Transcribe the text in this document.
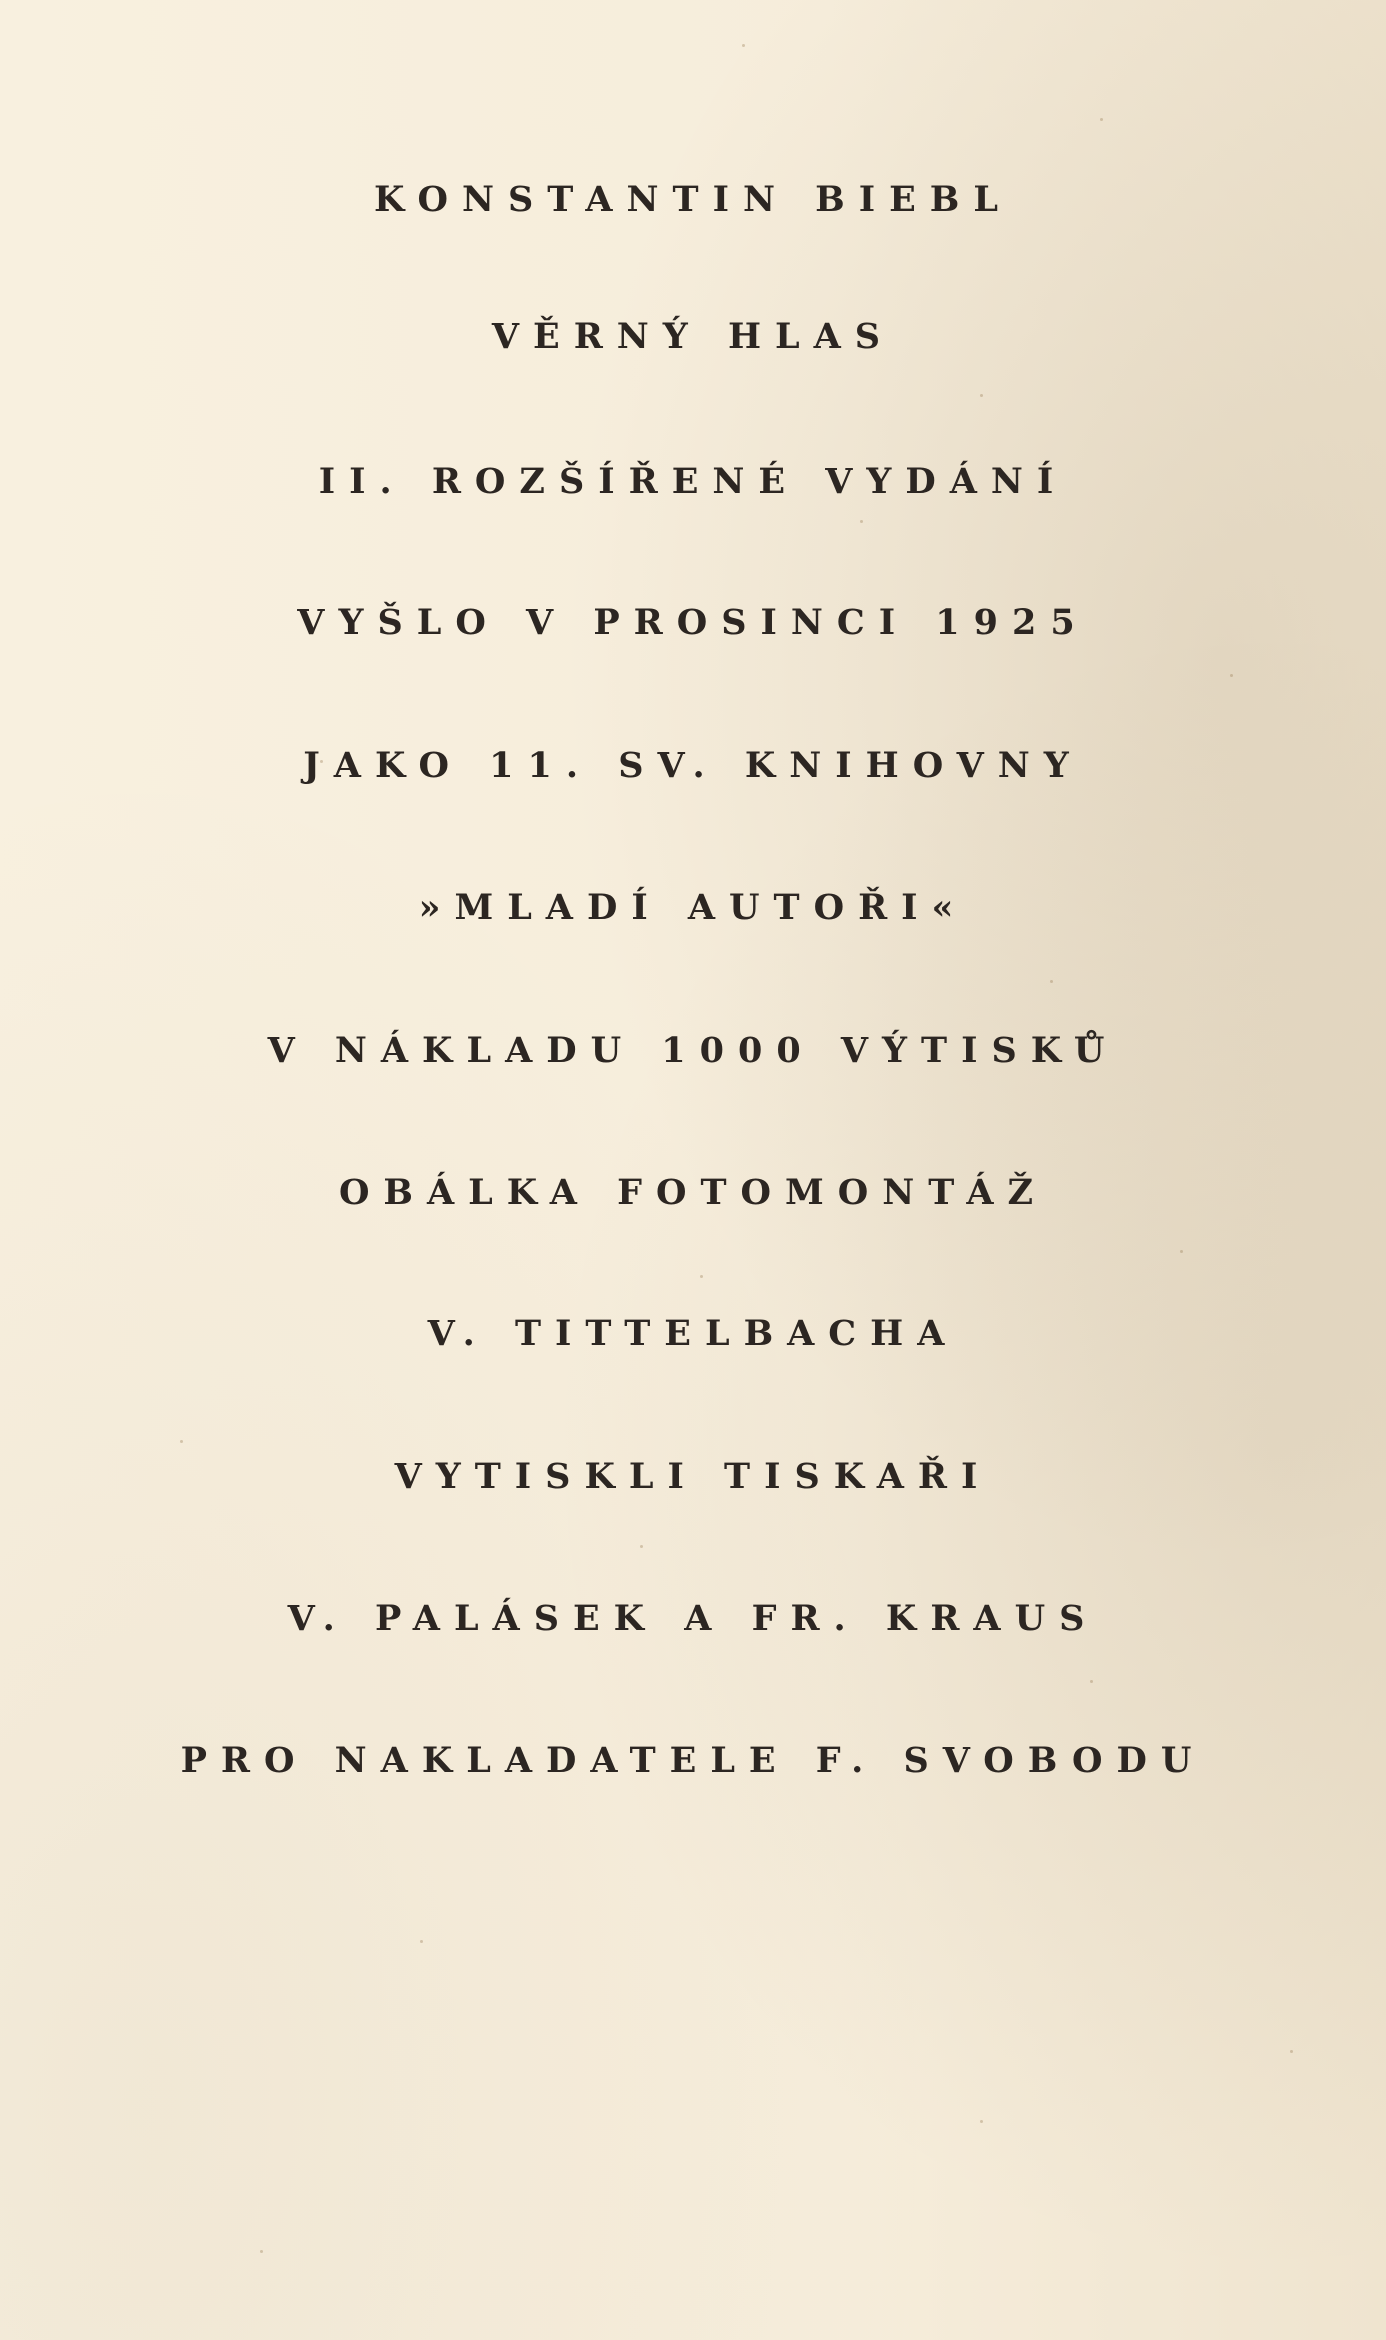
KONSTANTIN BIEBL
VĚRNÝ HLAS
II. ROZŠÍŘENÉ VYDÁNÍ
VYŠLO V PROSINCI 1925
JAKO 11. SV. KNIHOVNY
»MLADÍ AUTOŘI«
V NÁKLADU 1000 VÝTISKŮ
OBÁLKA FOTOMONTÁŽ
V. TITTELBACHA
VYTISKLI TISKAŘI
V. PALÁSEK A FR. KRAUS
PRO NAKLADATELE F. SVOBODU
